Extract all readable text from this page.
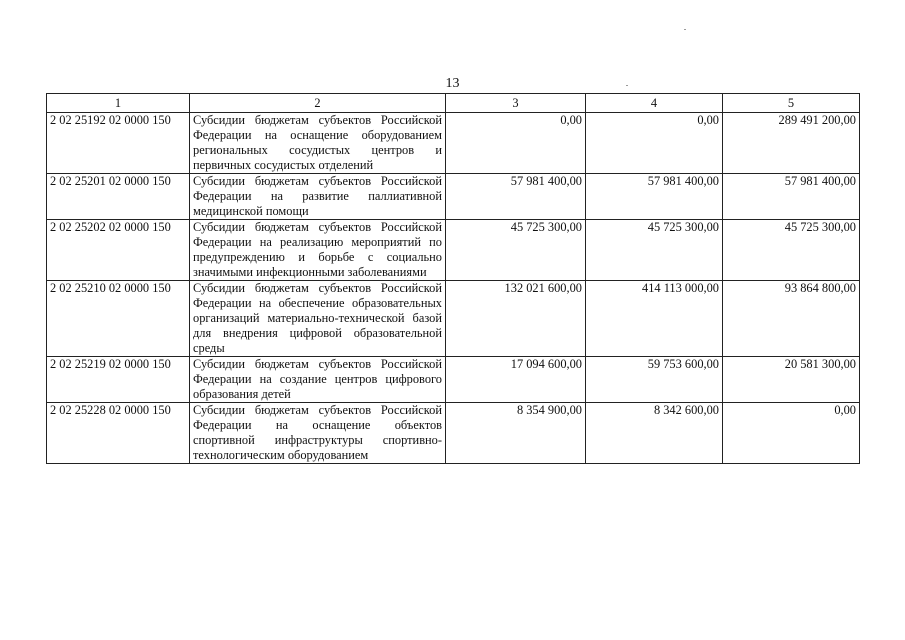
13
1	2	3	4	5
2 02 25192 02 0000 150	Субсидии бюджетам субъектов Российской Федерации на оснащение оборудованием региональных сосудистых центров и первичных сосудистых отделений	0,00	0,00	289 491 200,00
2 02 25201 02 0000 150	Субсидии бюджетам субъектов Российской Федерации на развитие паллиативной медицинской помощи	57 981 400,00	57 981 400,00	57 981 400,00
2 02 25202 02 0000 150	Субсидии бюджетам субъектов Российской Федерации на реализацию мероприятий по предупреждению и борьбе с социально значимыми инфекционными заболеваниями	45 725 300,00	45 725 300,00	45 725 300,00
2 02 25210 02 0000 150	Субсидии бюджетам субъектов Российской Федерации на обеспечение образовательных организаций материально-технической базой для внедрения цифровой образовательной среды	132 021 600,00	414 113 000,00	93 864 800,00
2 02 25219 02 0000 150	Субсидии бюджетам субъектов Российской Федерации на создание центров цифрового образования детей	17 094 600,00	59 753 600,00	20 581 300,00
2 02 25228 02 0000 150	Субсидии бюджетам субъектов Российской Федерации на оснащение объектов спортивной инфраструктуры спортивно-технологическим оборудованием	8 354 900,00	8 342 600,00	0,00
